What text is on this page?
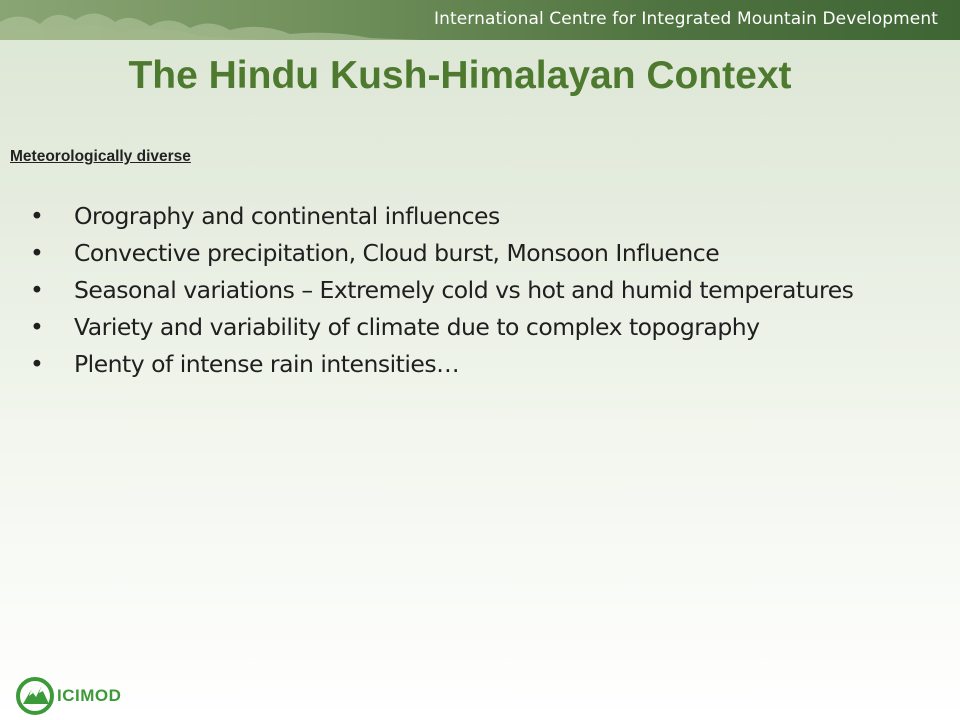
International Centre for Integrated Mountain Development
The Hindu Kush-Himalayan Context
Meteorologically diverse
• Orography and continental influences
• Convective precipitation, Cloud burst, Monsoon Influence
• Seasonal variations – Extremely cold vs hot and humid temperatures
• Variety and variability of climate due to complex topography
• Plenty of intense rain intensities…
ICIMOD
